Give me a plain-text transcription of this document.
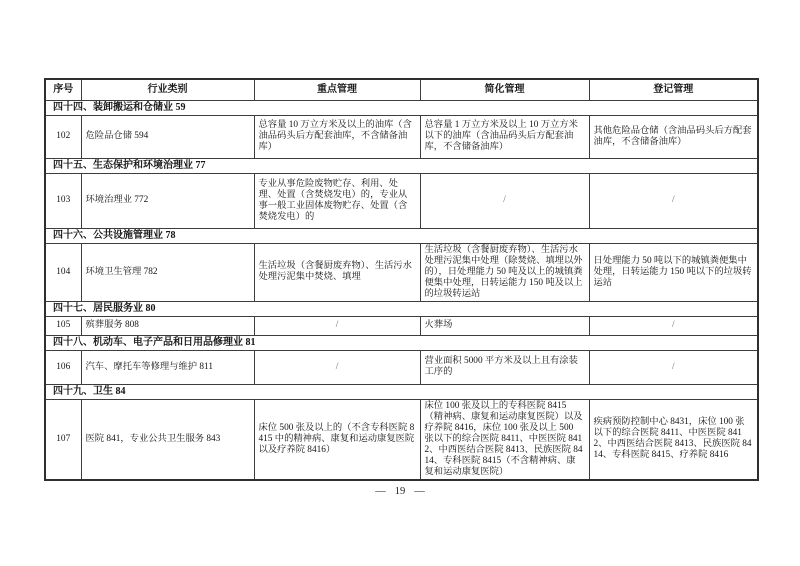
序号	行业类别	重点管理	简化管理	登记管理
四十四、装卸搬运和仓储业 59				
102	危险品仓储 594	总容量 10 万立方米及以上的油库（含油品码头后方配套油库，不含储备油库）	总容量 1 万立方米及以上 10 万立方米以下的油库（含油品码头后方配套油库，不含储备油库）	其他危险品仓储（含油品码头后方配套油库，不含储备油库）
四十五、生态保护和环境治理业 77				
103	环境治理业 772	专业从事危险废物贮存、利用、处理、处置（含焚烧发电）的，专业从事一般工业固体废物贮存、处置（含焚烧发电）的	/	/
四十六、公共设施管理业 78				
104	环境卫生管理 782	生活垃圾（含餐厨废弃物）、生活污水处理污泥集中焚烧、填埋	生活垃圾（含餐厨废弃物）、生活污水处理污泥集中处理（除焚烧、填埋以外的），日处理能力 50 吨及以上的城镇粪便集中处理，日转运能力 150 吨及以上的垃圾转运站	日处理能力 50 吨以下的城镇粪便集中处理，日转运能力 150 吨以下的垃圾转运站
四十七、居民服务业 80				
105	殡葬服务 808	/	火葬场	/
四十八、机动车、电子产品和日用品修理业 81				
106	汽车、摩托车等修理与维护 811	/	营业面积 5000 平方米及以上且有涂装工序的	/
四十九、卫生 84				
107	医院 841，专业公共卫生服务 843	床位 500 张及以上的（不含专科医院 8415 中的精神病、康复和运动康复医院以及疗养院 8416）	床位 100 张及以上的专科医院 8415（精神病、康复和运动康复医院）以及疗养院 8416，床位 100 张及以上 500 张以下的综合医院 8411、中医医院 8412、中西医结合医院 8413、民族医院 8414、专科医院 8415（不含精神病、康复和运动康复医院）	疾病预防控制中心 8431，床位 100 张以下的综合医院 8411、中医医院 8412、中西医结合医院 8413、民族医院 8414、专科医院 8415、疗养院 8416
— 19 —
